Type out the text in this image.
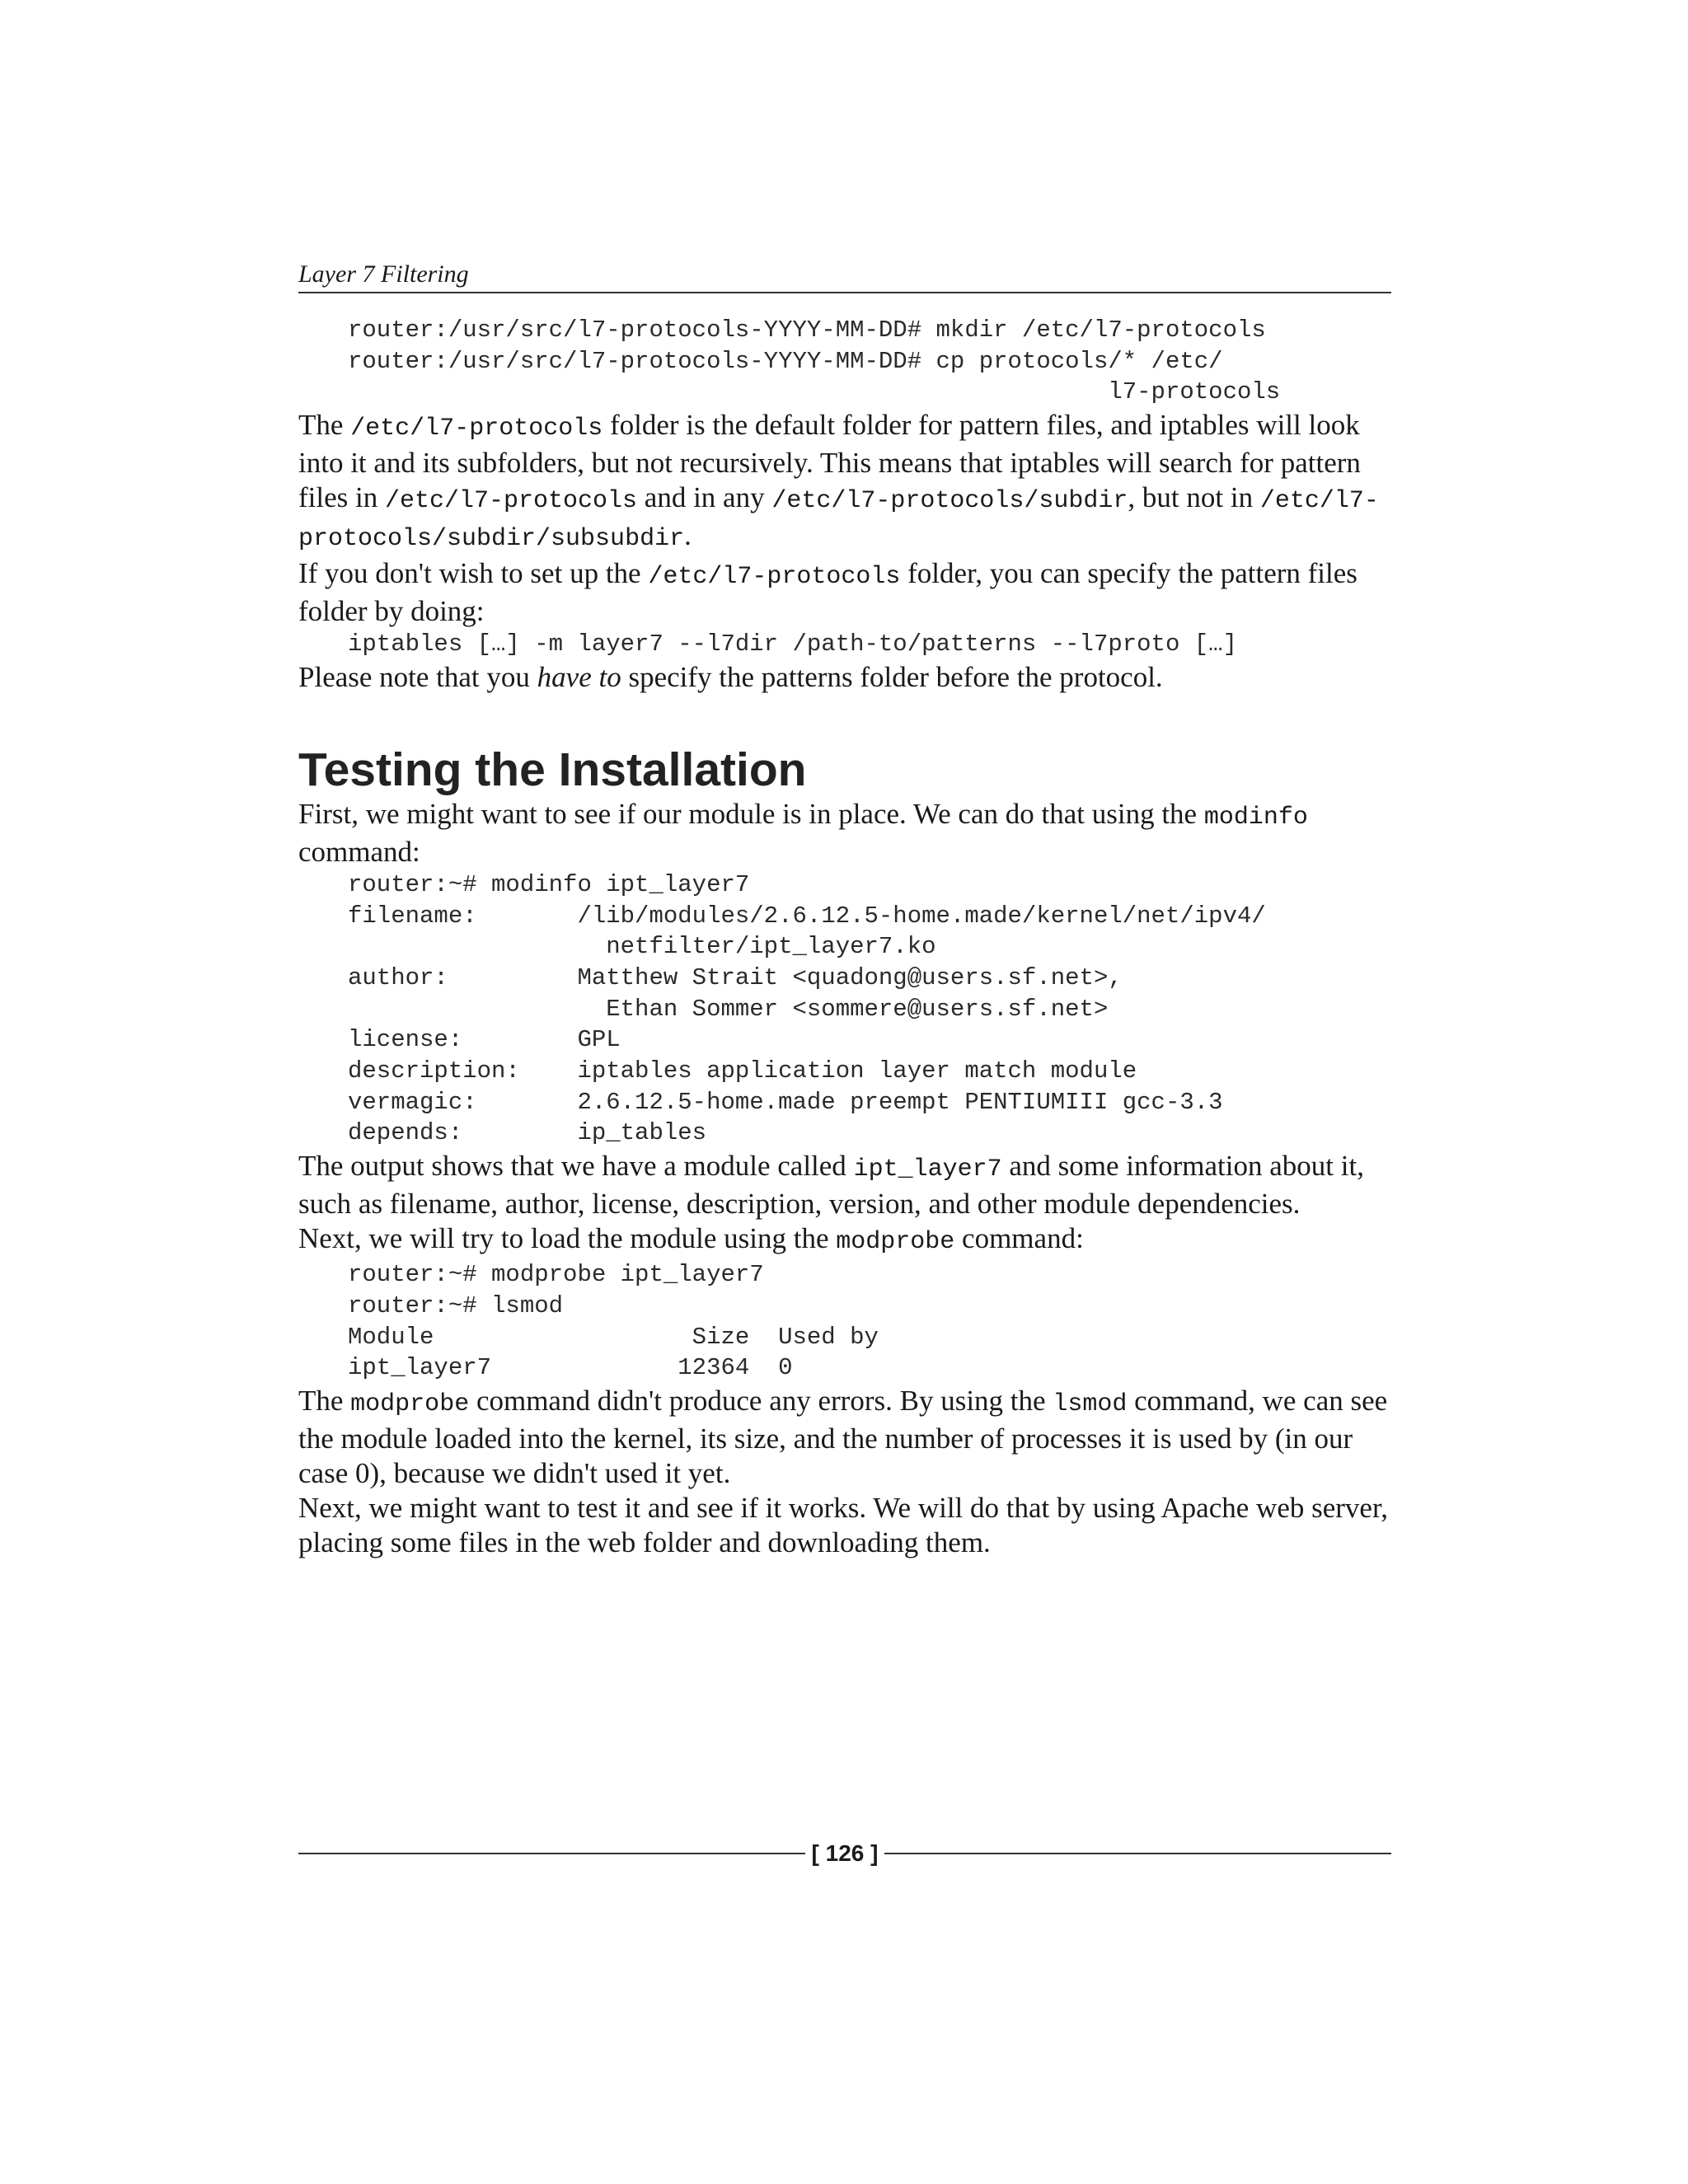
Layer 7 Filtering
router:/usr/src/l7-protocols-YYYY-MM-DD# mkdir /etc/l7-protocols
router:/usr/src/l7-protocols-YYYY-MM-DD# cp protocols/* /etc/
l7-protocols

The /etc/l7-protocols folder is the default folder for pattern files, and iptables will look into it and its subfolders, but not recursively. This means that iptables will search for pattern files in /etc/l7-protocols and in any /etc/l7-protocols/subdir, but not in /etc/l7-protocols/subdir/subsubdir.

If you don't wish to set up the /etc/l7-protocols folder, you can specify the pattern files folder by doing:

iptables […] -m layer7 --l7dir /path-to/patterns --l7proto […]

Please note that you have to specify the patterns folder before the protocol.

Testing the Installation

First, we might want to see if our module is in place. We can do that using the modinfo command:

router:~# modinfo ipt_layer7
filename:       /lib/modules/2.6.12.5-home.made/kernel/net/ipv4/
netfilter/ipt_layer7.ko
author:         Matthew Strait <quadong@users.sf.net>,
Ethan Sommer <sommere@users.sf.net>
license:        GPL
description:    iptables application layer match module
vermagic:       2.6.12.5-home.made preempt PENTIUMIII gcc-3.3
depends:        ip_tables

The output shows that we have a module called ipt_layer7 and some information about it, such as filename, author, license, description, version, and other module dependencies.

Next, we will try to load the module using the modprobe command:

router:~# modprobe ipt_layer7
router:~# lsmod
Module                  Size  Used by
ipt_layer7             12364  0

The modprobe command didn't produce any errors. By using the lsmod command, we can see the module loaded into the kernel, its size, and the number of processes it is used by (in our case 0), because we didn't used it yet.

Next, we might want to test it and see if it works. We will do that by using Apache web server, placing some files in the web folder and downloading them.

[ 126 ]
